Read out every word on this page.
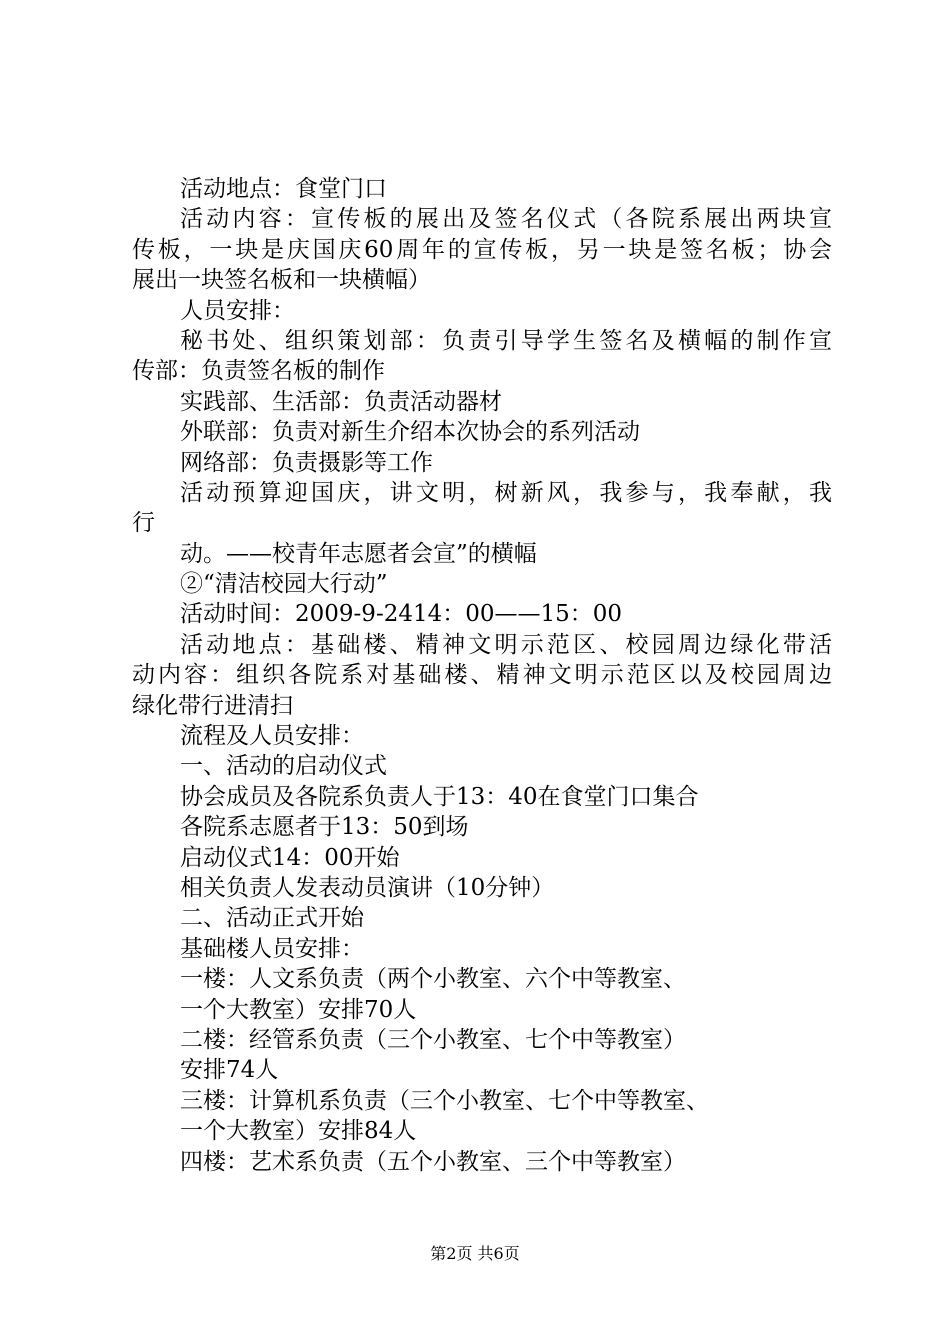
活动地点：食堂门口
活动内容：宣传板的展出及签名仪式（各院系展出两块宣
传板，一块是庆国庆60周年的宣传板，另一块是签名板；协会
展出一块签名板和一块横幅）
人员安排：
秘书处、组织策划部：负责引导学生签名及横幅的制作宣
传部：负责签名板的制作
实践部、生活部：负责活动器材
外联部：负责对新生介绍本次协会的系列活动
网络部：负责摄影等工作
活动预算迎国庆，讲文明，树新风，我参与，我奉献，我
行
动。——校青年志愿者会宣”的横幅
②“清洁校园大行动”
活动时间：2009-9-2414：00——15：00
活动地点：基础楼、精神文明示范区、校园周边绿化带活
动内容：组织各院系对基础楼、精神文明示范区以及校园周边
绿化带行进清扫
流程及人员安排：
一、活动的启动仪式
协会成员及各院系负责人于13：40在食堂门口集合
各院系志愿者于13：50到场
启动仪式14：00开始
相关负责人发表动员演讲（10分钟）
二、活动正式开始
基础楼人员安排：
一楼：人文系负责（两个小教室、六个中等教室、
一个大教室）安排70人
二楼：经管系负责（三个小教室、七个中等教室）
安排74人
三楼：计算机系负责（三个小教室、七个中等教室、
一个大教室）安排84人
四楼：艺术系负责（五个小教室、三个中等教室）
第2页 共6页
